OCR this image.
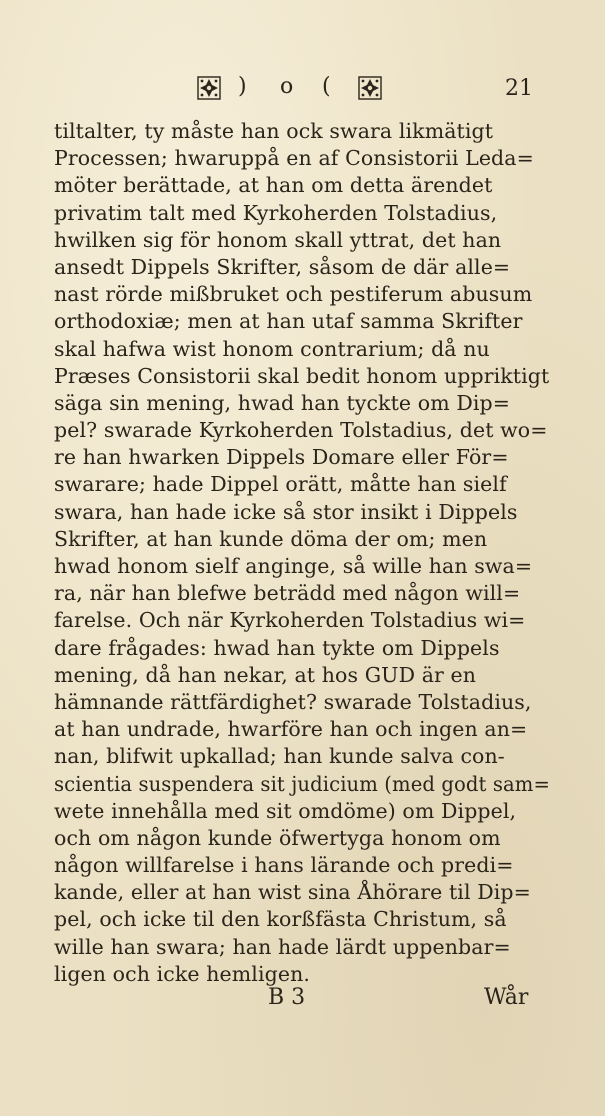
) o (	21
tiltalter, ty måste han ock swara likmätigt
Processen; hwaruppå en af Consistorii Leda=
möter berättade, at han om detta ärendet
privatim talt med Kyrkoherden Tolstadius,
hwilken sig för honom skall yttrat, det han
ansedt Dippels Skrifter, såsom de där alle=
nast rörde mißbruket och pestiferum abusum
orthodoxiæ; men at han utaf samma Skrifter
skal hafwa wist honom contrarium; då nu
Præses Consistorii skal bedit honom uppriktigt
säga sin mening, hwad han tyckte om Dip=
pel? swarade Kyrkoherden Tolstadius, det wo=
re han hwarken Dippels Domare eller För=
swarare; hade Dippel orätt, måtte han sielf
swara, han hade icke så stor insikt i Dippels
Skrifter, at han kunde döma der om; men
hwad honom sielf anginge, så wille han swa=
ra, när han blefwe beträdd med någon will=
farelse. Och när Kyrkoherden Tolstadius wi=
dare frågades: hwad han tykte om Dippels
mening, då han nekar, at hos GUD är en
hämnande rättfärdighet? swarade Tolstadius,
at han undrade, hwarföre han och ingen an=
nan, blifwit upkallad; han kunde salva con-
scientia suspendera sit judicium (med godt sam=
wete innehålla med sit omdöme) om Dippel,
och om någon kunde öfwertyga honom om
någon willfarelse i hans lärande och predi=
kande, eller at han wist sina Åhörare til Dip=
pel, och icke til den korßfästa Christum, så
wille han swara; han hade lärdt uppenbar=
ligen och icke hemligen.
B 3	Wår
